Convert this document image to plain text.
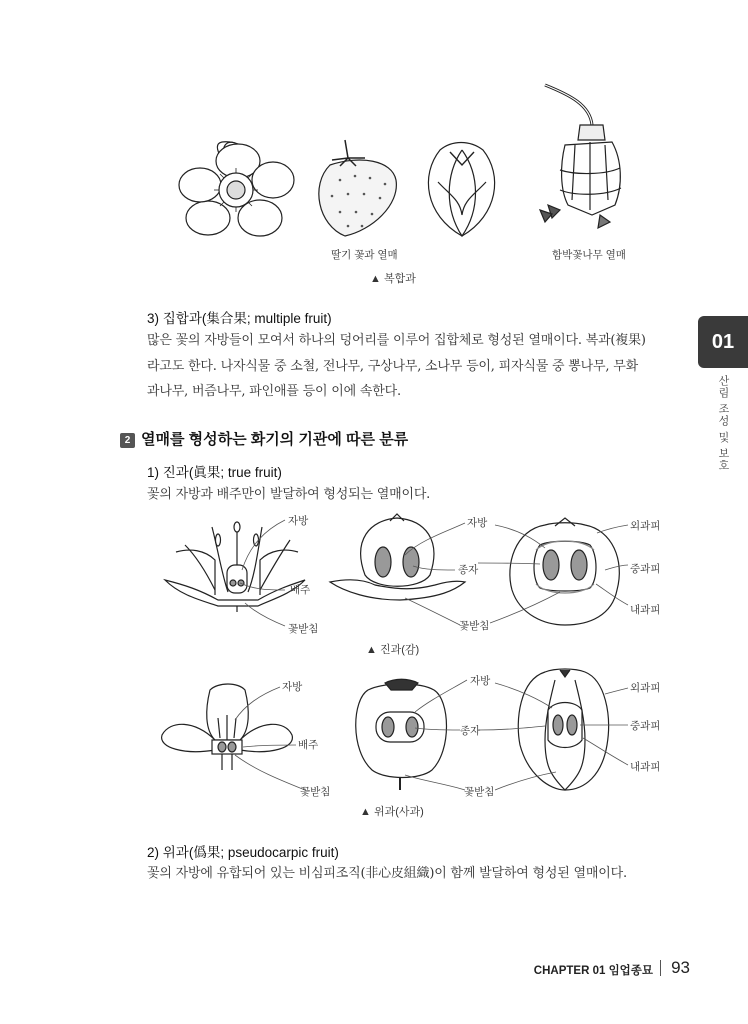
딸기 꽃과 열매	함박꽃나무 열매
▲ 복합과
3) 집합과(集合果; multiple fruit)
많은 꽃의 자방들이 모여서 하나의 덩어리를 이루어 집합체로 형성된 열매이다. 복과(複果)
라고도 한다. 나자식물 중 소철, 전나무, 구상나무, 소나무 등이, 피자식물 중 뽕나무, 무화
과나무, 버즘나무, 파인애플 등이 이에 속한다.
2 열매를 형성하는 화기의 기관에 따른 분류
1) 진과(眞果; true fruit)
꽃의 자방과 배주만이 발달하여 형성되는 열매이다.
자방
배주
꽃받침
자방
종자
꽃받침
외과피
중과피
내과피
▲ 진과(감)
자방
배주
꽃받침
자방
종자
꽃받침
외과피
중과피
내과피
▲ 위과(사과)
2) 위과(僞果; pseudocarpic fruit)
꽃의 자방에 유합되어 있는 비심피조직(非心皮組織)이 함께 발달하여 형성된 열매이다.
01
산림 조성 및 보호
CHAPTER 01 임업종묘 93
